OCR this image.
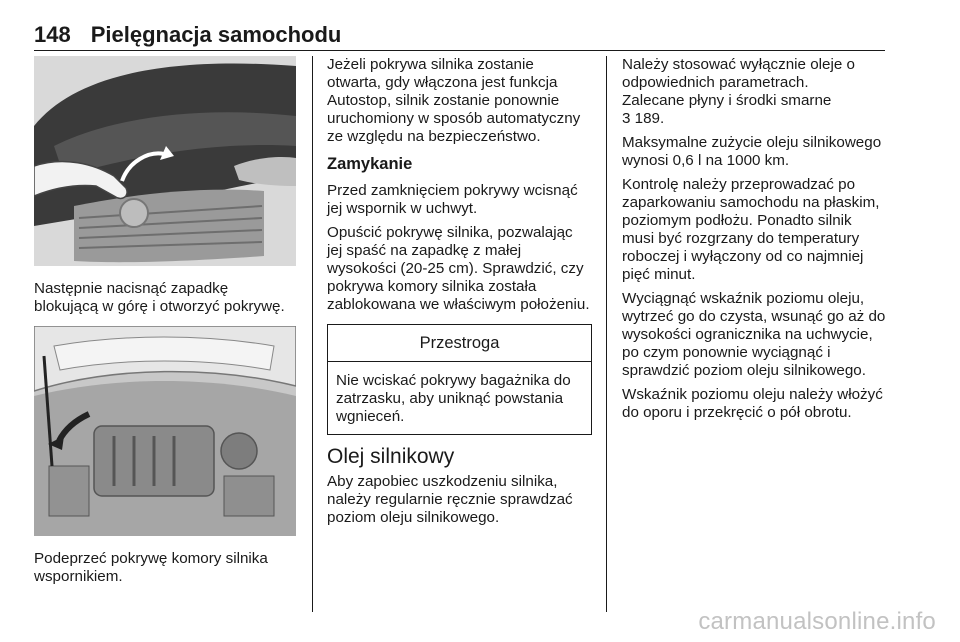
148 Pielęgnacja samochodu

Następnie nacisnąć zapadkę blokującą w górę i otworzyć pokrywę.

Podeprzeć pokrywę komory silnika wspornikiem.

Jeżeli pokrywa silnika zostanie otwarta, gdy włączona jest funkcja Autostop, silnik zostanie ponownie uruchomiony w sposób automatyczny ze względu na bezpieczeństwo.

Zamykanie

Przed zamknięciem pokrywy wcisnąć jej wspornik w uchwyt.

Opuścić pokrywę silnika, pozwalając jej spaść na zapadkę z małej wysokości (20-25 cm). Sprawdzić, czy pokrywa komory silnika została zablokowana we właściwym położeniu.

Przestroga

Nie wciskać pokrywy bagażnika do zatrzasku, aby uniknąć powstania wgnieceń.

Olej silnikowy

Aby zapobiec uszkodzeniu silnika, należy regularnie ręcznie sprawdzać poziom oleju silnikowego.

Należy stosować wyłącznie oleje o odpowiednich parametrach.

Zalecane płyny i środki smarne
3 189.

Maksymalne zużycie oleju silnikowego wynosi 0,6 l na 1000 km.

Kontrolę należy przeprowadzać po zaparkowaniu samochodu na płaskim, poziomym podłożu. Ponadto silnik musi być rozgrzany do temperatury roboczej i wyłączony od co najmniej pięć minut.

Wyciągnąć wskaźnik poziomu oleju, wytrzeć go do czysta, wsunąć go aż do wysokości ogranicznika na uchwycie, po czym ponownie wyciągnąć i sprawdzić poziom oleju silnikowego.

Wskaźnik poziomu oleju należy włożyć do oporu i przekręcić o pół obrotu.

carmanualsonline.info
